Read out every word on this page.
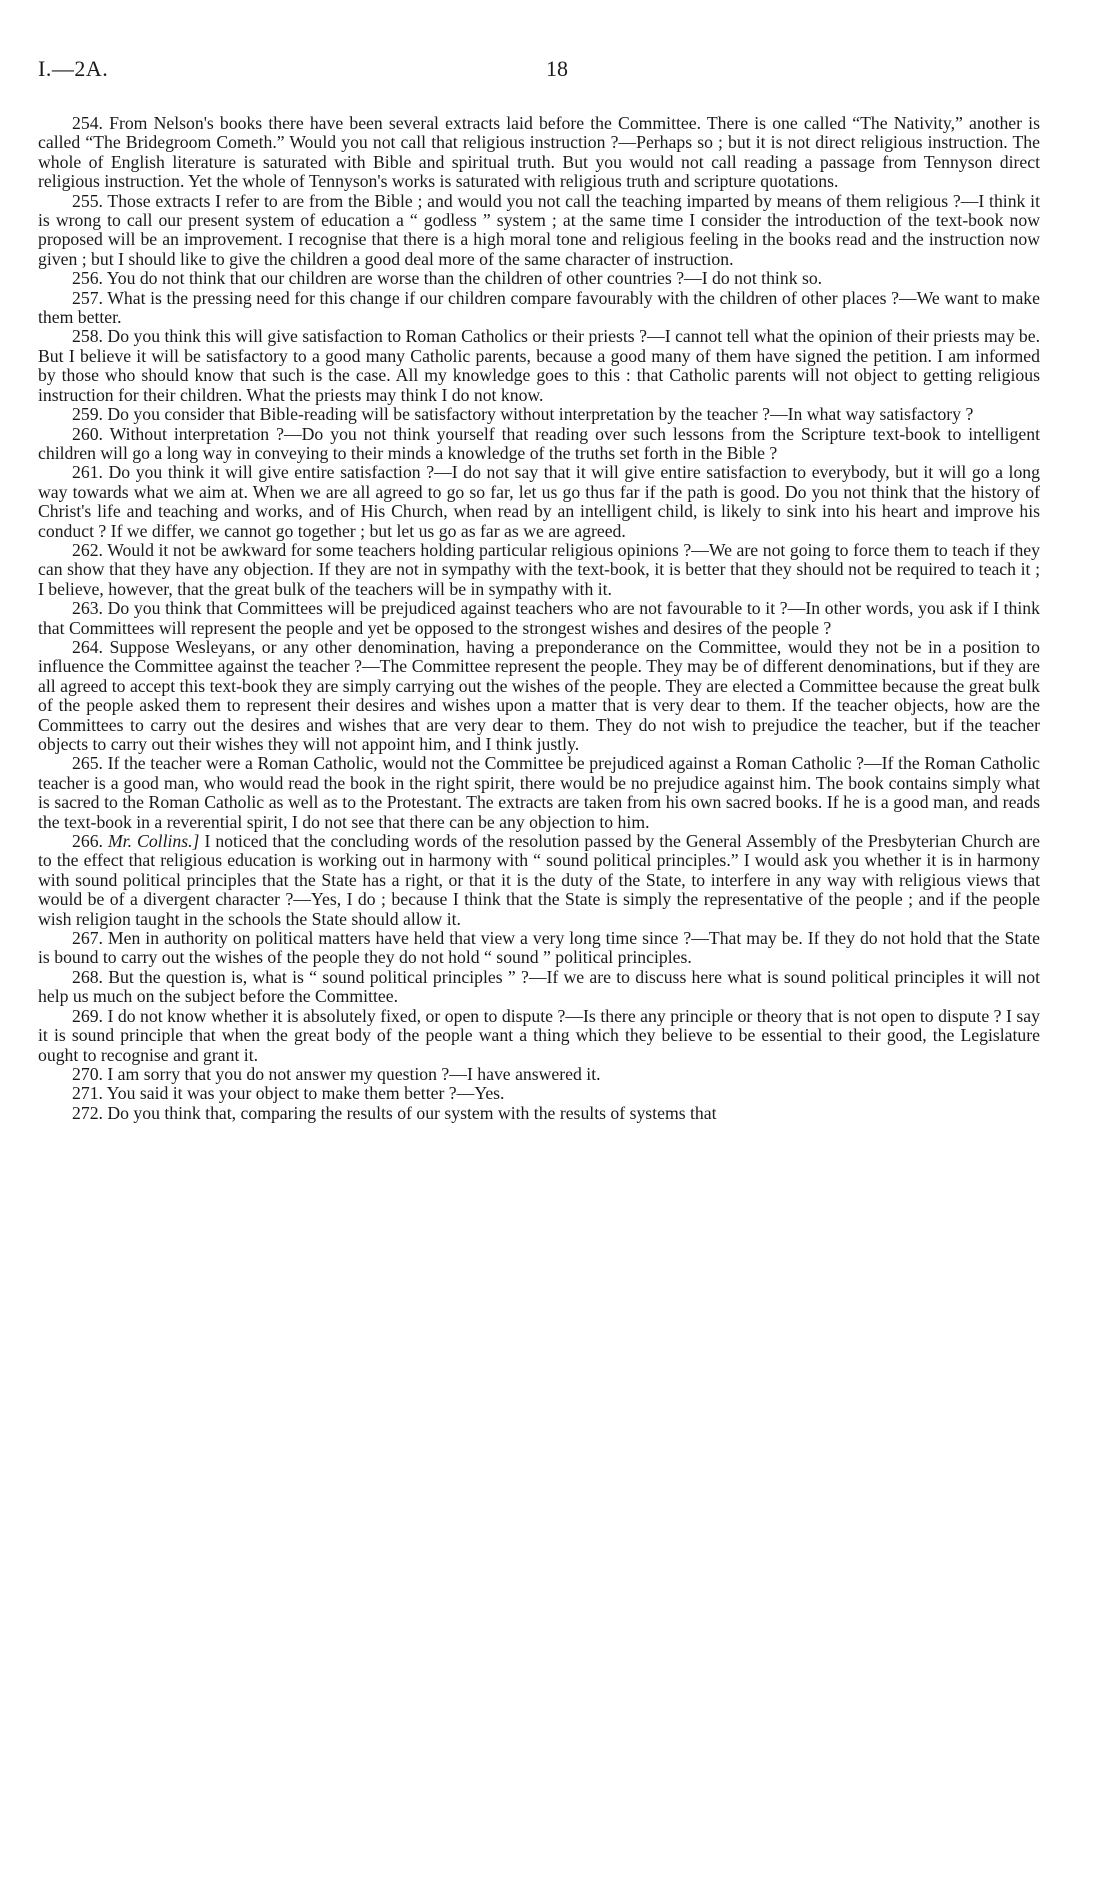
I.—2A.	18

254. From Nelson's books there have been several extracts laid before the Committee. There is one called “The Nativity,” another is called “The Bridegroom Cometh.” Would you not call that religious instruction ?—Perhaps so ; but it is not direct religious instruction. The whole of English literature is saturated with Bible and spiritual truth. But you would not call reading a passage from Tennyson direct religious instruction. Yet the whole of Tennyson's works is saturated with religious truth and scripture quotations.

255. Those extracts I refer to are from the Bible ; and would you not call the teaching imparted by means of them religious ?—I think it is wrong to call our present system of education a “ godless ” system ; at the same time I consider the introduction of the text-book now proposed will be an improvement. I recognise that there is a high moral tone and religious feeling in the books read and the instruction now given ; but I should like to give the children a good deal more of the same character of instruction.

256. You do not think that our children are worse than the children of other countries ?—I do not think so.

257. What is the pressing need for this change if our children compare favourably with the children of other places ?—We want to make them better.

258. Do you think this will give satisfaction to Roman Catholics or their priests ?—I cannot tell what the opinion of their priests may be. But I believe it will be satisfactory to a good many Catholic parents, because a good many of them have signed the petition. I am informed by those who should know that such is the case. All my knowledge goes to this : that Catholic parents will not object to getting religious instruction for their children. What the priests may think I do not know.

259. Do you consider that Bible-reading will be satisfactory without interpretation by the teacher ?—In what way satisfactory ?

260. Without interpretation ?—Do you not think yourself that reading over such lessons from the Scripture text-book to intelligent children will go a long way in conveying to their minds a knowledge of the truths set forth in the Bible ?

261. Do you think it will give entire satisfaction ?—I do not say that it will give entire satisfaction to everybody, but it will go a long way towards what we aim at. When we are all agreed to go so far, let us go thus far if the path is good. Do you not think that the history of Christ's life and teaching and works, and of His Church, when read by an intelligent child, is likely to sink into his heart and improve his conduct ? If we differ, we cannot go together ; but let us go as far as we are agreed.

262. Would it not be awkward for some teachers holding particular religious opinions ?—We are not going to force them to teach if they can show that they have any objection. If they are not in sympathy with the text-book, it is better that they should not be required to teach it ; I believe, however, that the great bulk of the teachers will be in sympathy with it.

263. Do you think that Committees will be prejudiced against teachers who are not favourable to it ?—In other words, you ask if I think that Committees will represent the people and yet be opposed to the strongest wishes and desires of the people ?

264. Suppose Wesleyans, or any other denomination, having a preponderance on the Committee, would they not be in a position to influence the Committee against the teacher ?—The Committee represent the people. They may be of different denominations, but if they are all agreed to accept this text-book they are simply carrying out the wishes of the people. They are elected a Committee because the great bulk of the people asked them to represent their desires and wishes upon a matter that is very dear to them. If the teacher objects, how are the Committees to carry out the desires and wishes that are very dear to them. They do not wish to prejudice the teacher, but if the teacher objects to carry out their wishes they will not appoint him, and I think justly.

265. If the teacher were a Roman Catholic, would not the Committee be prejudiced against a Roman Catholic ?—If the Roman Catholic teacher is a good man, who would read the book in the right spirit, there would be no prejudice against him. The book contains simply what is sacred to the Roman Catholic as well as to the Protestant. The extracts are taken from his own sacred books. If he is a good man, and reads the text-book in a reverential spirit, I do not see that there can be any objection to him.

266. Mr. Collins.] I noticed that the concluding words of the resolution passed by the General Assembly of the Presbyterian Church are to the effect that religious education is working out in harmony with “ sound political principles.” I would ask you whether it is in harmony with sound political principles that the State has a right, or that it is the duty of the State, to interfere in any way with religious views that would be of a divergent character ?—Yes, I do ; because I think that the State is simply the representative of the people ; and if the people wish religion taught in the schools the State should allow it.

267. Men in authority on political matters have held that view a very long time since ?—That may be. If they do not hold that the State is bound to carry out the wishes of the people they do not hold “ sound ” political principles.

268. But the question is, what is “ sound political principles ” ?—If we are to discuss here what is sound political principles it will not help us much on the subject before the Committee.

269. I do not know whether it is absolutely fixed, or open to dispute ?—Is there any principle or theory that is not open to dispute ? I say it is sound principle that when the great body of the people want a thing which they believe to be essential to their good, the Legislature ought to recognise and grant it.

270. I am sorry that you do not answer my question ?—I have answered it.

271. You said it was your object to make them better ?—Yes.

272. Do you think that, comparing the results of our system with the results of systems that
